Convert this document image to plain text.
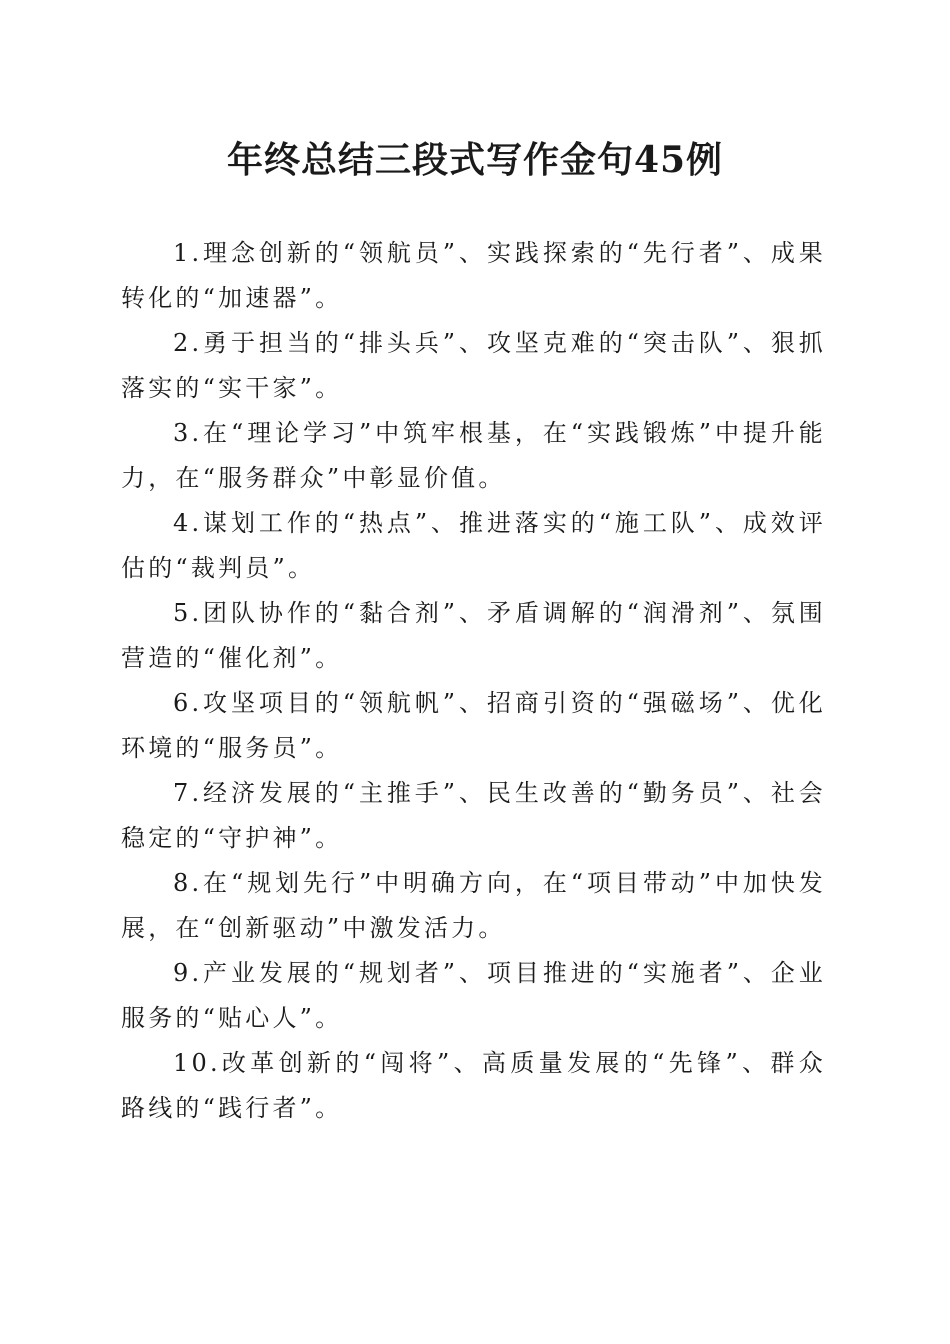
年终总结三段式写作金句45例

1.理念创新的“领航员”、实践探索的“先行者”、成果转化的“加速器”。

2.勇于担当的“排头兵”、攻坚克难的“突击队”、狠抓落实的“实干家”。

3.在“理论学习”中筑牢根基，在“实践锻炼”中提升能力，在“服务群众”中彰显价值。

4.谋划工作的“热点”、推进落实的“施工队”、成效评估的“裁判员”。

5.团队协作的“黏合剂”、矛盾调解的“润滑剂”、氛围营造的“催化剂”。

6.攻坚项目的“领航帆”、招商引资的“强磁场”、优化环境的“服务员”。

7.经济发展的“主推手”、民生改善的“勤务员”、社会稳定的“守护神”。

8.在“规划先行”中明确方向，在“项目带动”中加快发展，在“创新驱动”中激发活力。

9.产业发展的“规划者”、项目推进的“实施者”、企业服务的“贴心人”。

10.改革创新的“闯将”、高质量发展的“先锋”、群众路线的“践行者”。
